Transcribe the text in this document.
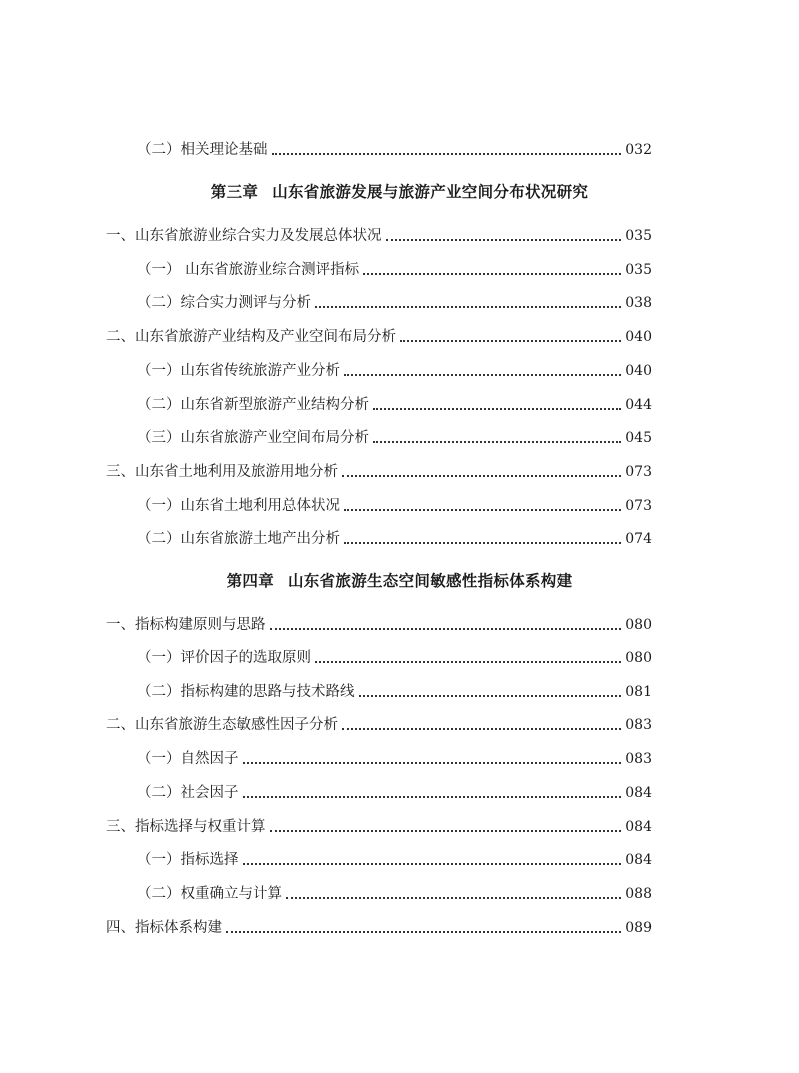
（二）相关理论基础	032
第三章 山东省旅游发展与旅游产业空间分布状况研究
一、山东省旅游业综合实力及发展总体状况	035
（一） 山东省旅游业综合测评指标	035
（二）综合实力测评与分析	038
二、山东省旅游产业结构及产业空间布局分析	040
（一）山东省传统旅游产业分析	040
（二）山东省新型旅游产业结构分析	044
（三）山东省旅游产业空间布局分析	045
三、山东省土地利用及旅游用地分析	073
（一）山东省土地利用总体状况	073
（二）山东省旅游土地产出分析	074
第四章 山东省旅游生态空间敏感性指标体系构建
一、指标构建原则与思路	080
（一）评价因子的选取原则	080
（二）指标构建的思路与技术路线	081
二、山东省旅游生态敏感性因子分析	083
（一）自然因子	083
（二）社会因子	084
三、指标选择与权重计算	084
（一）指标选择	084
（二）权重确立与计算	088
四、指标体系构建	089
